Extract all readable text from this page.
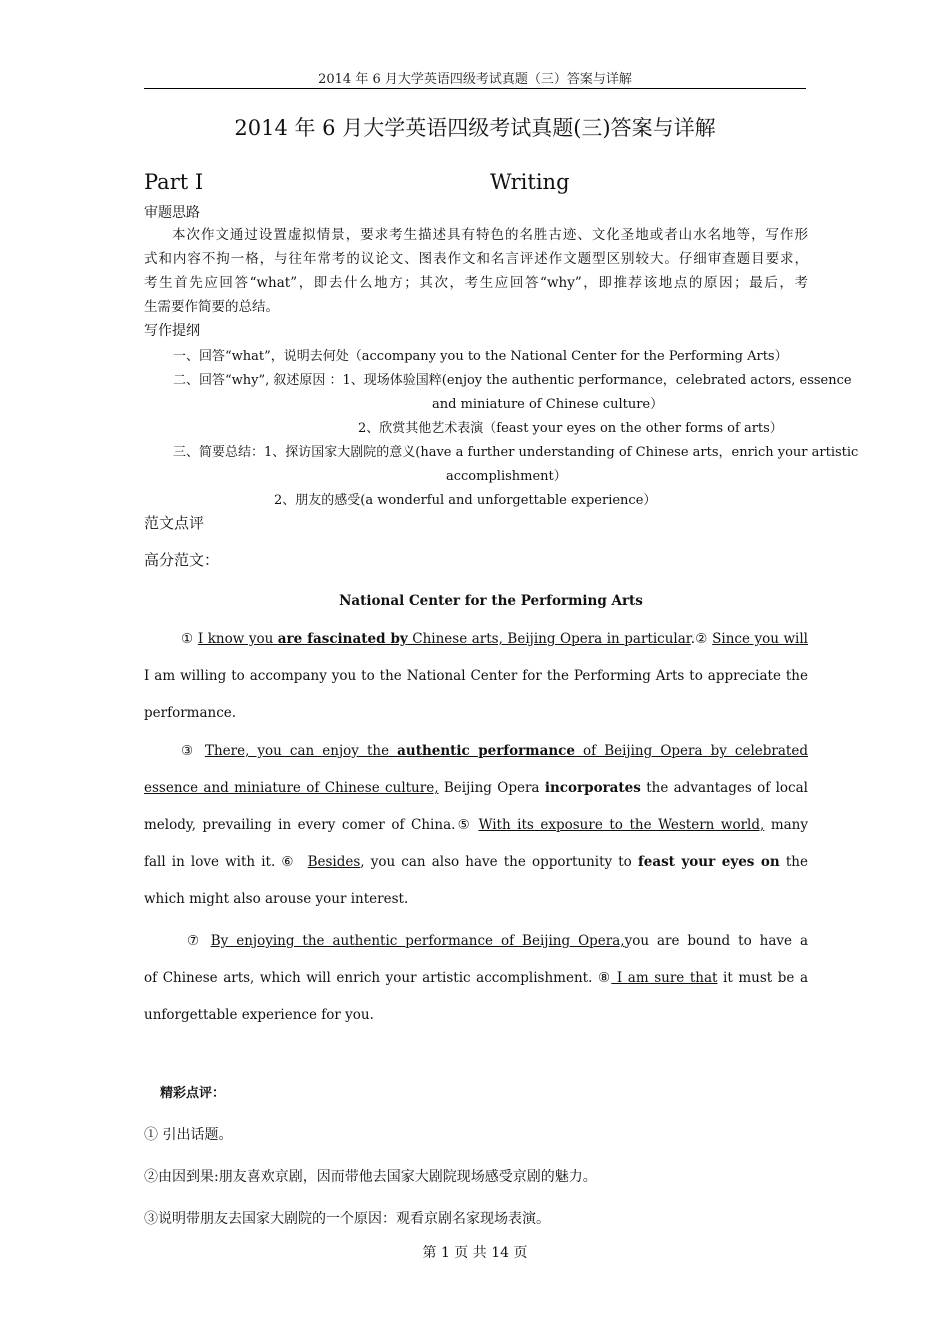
2014 年 6 月大学英语四级考试真题（三）答案与详解
2014 年 6 月大学英语四级考试真题(三)答案与详解
Part I	Writing
审题思路
本次作文通过设置虚拟情景，要求考生描述具有特色的名胜古迹、文化圣地或者山水名地等，写作形
式和内容不拘一格，与往年常考的议论文、图表作文和名言评述作文题型区别较大。仔细审查题目要求，
考生首先应回答“what”，即去什么地方；其次，考生应回答“why”，即推荐该地点的原因；最后，考
生需要作简要的总结。
写作提纲
一、回答“what”，说明去何处（accompany you to the National Center for the Performing Arts）
二、回答“why”, 叙述原因 ：1、现场体验国粹(enjoy the authentic performance，celebrated actors, essence
and miniature of Chinese culture）
2、欣赏其他艺术表演（feast your eyes on the other forms of arts）
三、简要总结：1、探访国家大剧院的意义(have a further understanding of Chinese arts，enrich your artistic
accomplishment）
2、朋友的感受(a wonderful and unforgettable experience）
范文点评
高分范文：
National Center for the Performing Arts
① I know you are fascinated by Chinese arts, Beijing Opera in particular.② Since you will
I am willing to accompany you to the National Center for the Performing Arts to appreciate the
performance.
③ There, you can enjoy the authentic performance of Beijing Opera by celebrated
essence and miniature of Chinese culture, Beijing Opera incorporates the advantages of local
melody, prevailing in every comer of China.⑤ With its exposure to the Western world, many
fall in love with it. ⑥ Besides, you can also have the opportunity to feast your eyes on the
which might also arouse your interest.
⑦ By enjoying the authentic performance of Beijing Opera,you are bound to have a
of Chinese arts, which will enrich your artistic accomplishment. ⑧ I am sure that it must be a
unforgettable experience for you.
精彩点评：
① 引出话题。
②由因到果:朋友喜欢京剧，因而带他去国家大剧院现场感受京剧的魅力。
③说明带朋友去国家大剧院的一个原因：观看京剧名家现场表演。
第 1 页 共 14 页
